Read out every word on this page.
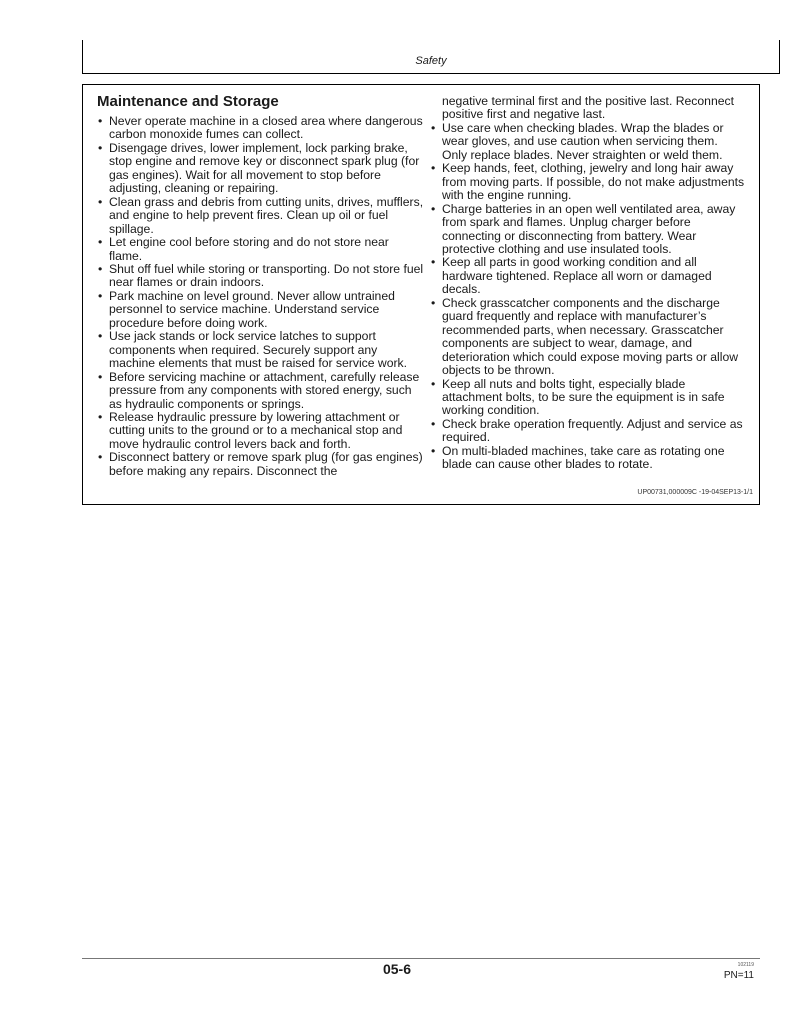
Safety
Maintenance and Storage
• Never operate machine in a closed area where dangerous carbon monoxide fumes can collect.
• Disengage drives, lower implement, lock parking brake, stop engine and remove key or disconnect spark plug (for gas engines). Wait for all movement to stop before adjusting, cleaning or repairing.
• Clean grass and debris from cutting units, drives, mufflers, and engine to help prevent fires. Clean up oil or fuel spillage.
• Let engine cool before storing and do not store near flame.
• Shut off fuel while storing or transporting. Do not store fuel near flames or drain indoors.
• Park machine on level ground. Never allow untrained personnel to service machine. Understand service procedure before doing work.
• Use jack stands or lock service latches to support components when required. Securely support any machine elements that must be raised for service work.
• Before servicing machine or attachment, carefully release pressure from any components with stored energy, such as hydraulic components or springs.
• Release hydraulic pressure by lowering attachment or cutting units to the ground or to a mechanical stop and move hydraulic control levers back and forth.
• Disconnect battery or remove spark plug (for gas engines) before making any repairs. Disconnect the
negative terminal first and the positive last. Reconnect positive first and negative last.
• Use care when checking blades. Wrap the blades or wear gloves, and use caution when servicing them. Only replace blades. Never straighten or weld them.
• Keep hands, feet, clothing, jewelry and long hair away from moving parts. If possible, do not make adjustments with the engine running.
• Charge batteries in an open well ventilated area, away from spark and flames. Unplug charger before connecting or disconnecting from battery. Wear protective clothing and use insulated tools.
• Keep all parts in good working condition and all hardware tightened. Replace all worn or damaged decals.
• Check grasscatcher components and the discharge guard frequently and replace with manufacturer’s recommended parts, when necessary. Grasscatcher components are subject to wear, damage, and deterioration which could expose moving parts or allow objects to be thrown.
• Keep all nuts and bolts tight, especially blade attachment bolts, to be sure the equipment is in safe working condition.
• Check brake operation frequently. Adjust and service as required.
• On multi-bladed machines, take care as rotating one blade can cause other blades to rotate.
UP00731,000009C -19-04SEP13-1/1
05-6	102119
PN=11
